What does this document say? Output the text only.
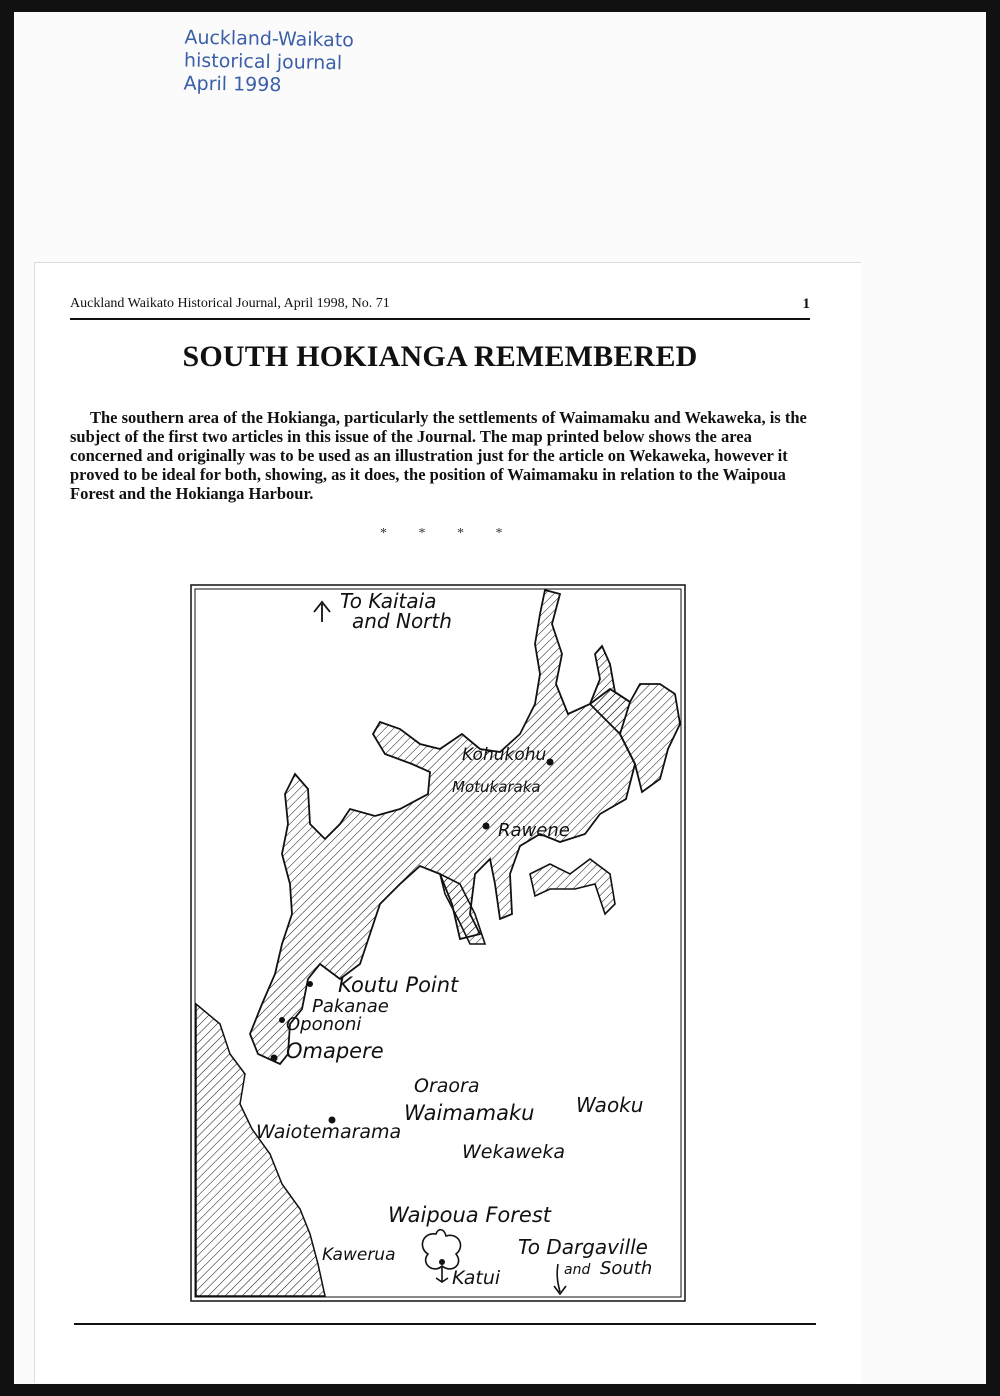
Auckland-Waikato
historical journal
April 1998
Auckland Waikato Historical Journal, April 1998, No. 71	1
SOUTH HOKIANGA REMEMBERED
The southern area of the Hokianga, particularly the settlements of Waimamaku and Wekaweka, is the subject of the first two articles in this issue of the Journal. The map printed below shows the area concerned and originally was to be used as an illustration just for the article on Wekaweka, however it proved to be ideal for both, showing, as it does, the position of Waimamaku in relation to the Waipoua Forest and the Hokianga Harbour.
* * * *
To Kaitaia
and North
Kohukohu
Motukaraka
Rawene
Koutu Point
Pakanae
Opononi
Omapere
Oraora
Waimamaku Waoku
Waiotemarama
Wekaweka
Waipoua Forest
Kawerua
Katui
To Dargaville
and South
